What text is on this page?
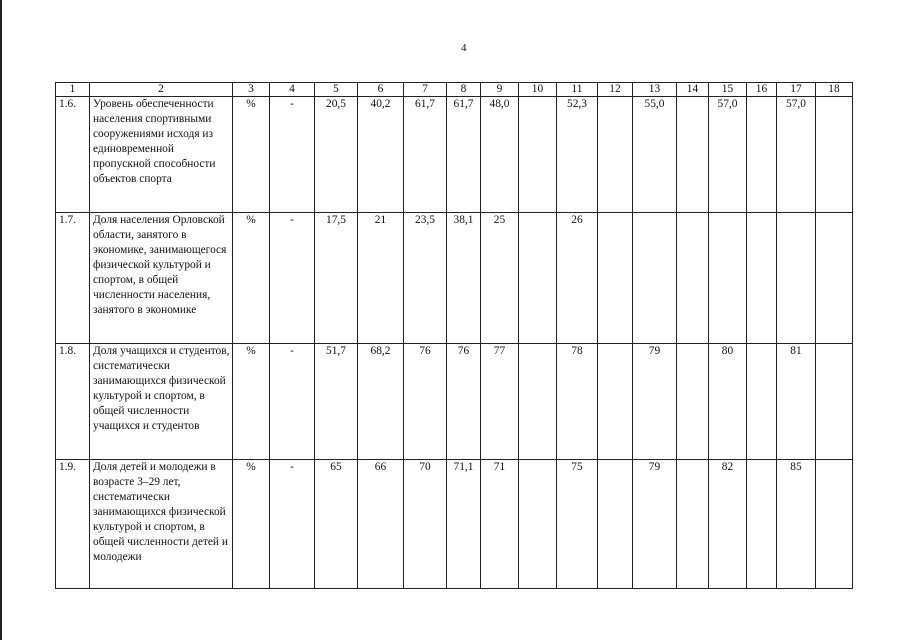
4
1	2	3	4	5	6	7	8	9	10	11	12	13	14	15	16	17	18
1.6.	Уровень обеспеченности населения спортивными сооружениями исходя из единовременной пропускной способности объектов спорта	%	-	20,5	40,2	61,7	61,7	48,0		52,3		55,0		57,0		57,0	
1.7.	Доля населения Орловской области, занятого в экономике, занимающегося физической культурой и спортом, в общей численности населения, занятого в экономике	%	-	17,5	21	23,5	38,1	25		26							
1.8.	Доля учащихся и студентов, систематически занимающихся физической культурой и спортом, в общей численности учащихся и студентов	%	-	51,7	68,2	76	76	77		78		79		80		81	
1.9.	Доля детей и молодежи в возрасте 3–29 лет, систематически занимающихся физической культурой и спортом, в общей численности детей и молодежи	%	-	65	66	70	71,1	71		75		79		82		85	
